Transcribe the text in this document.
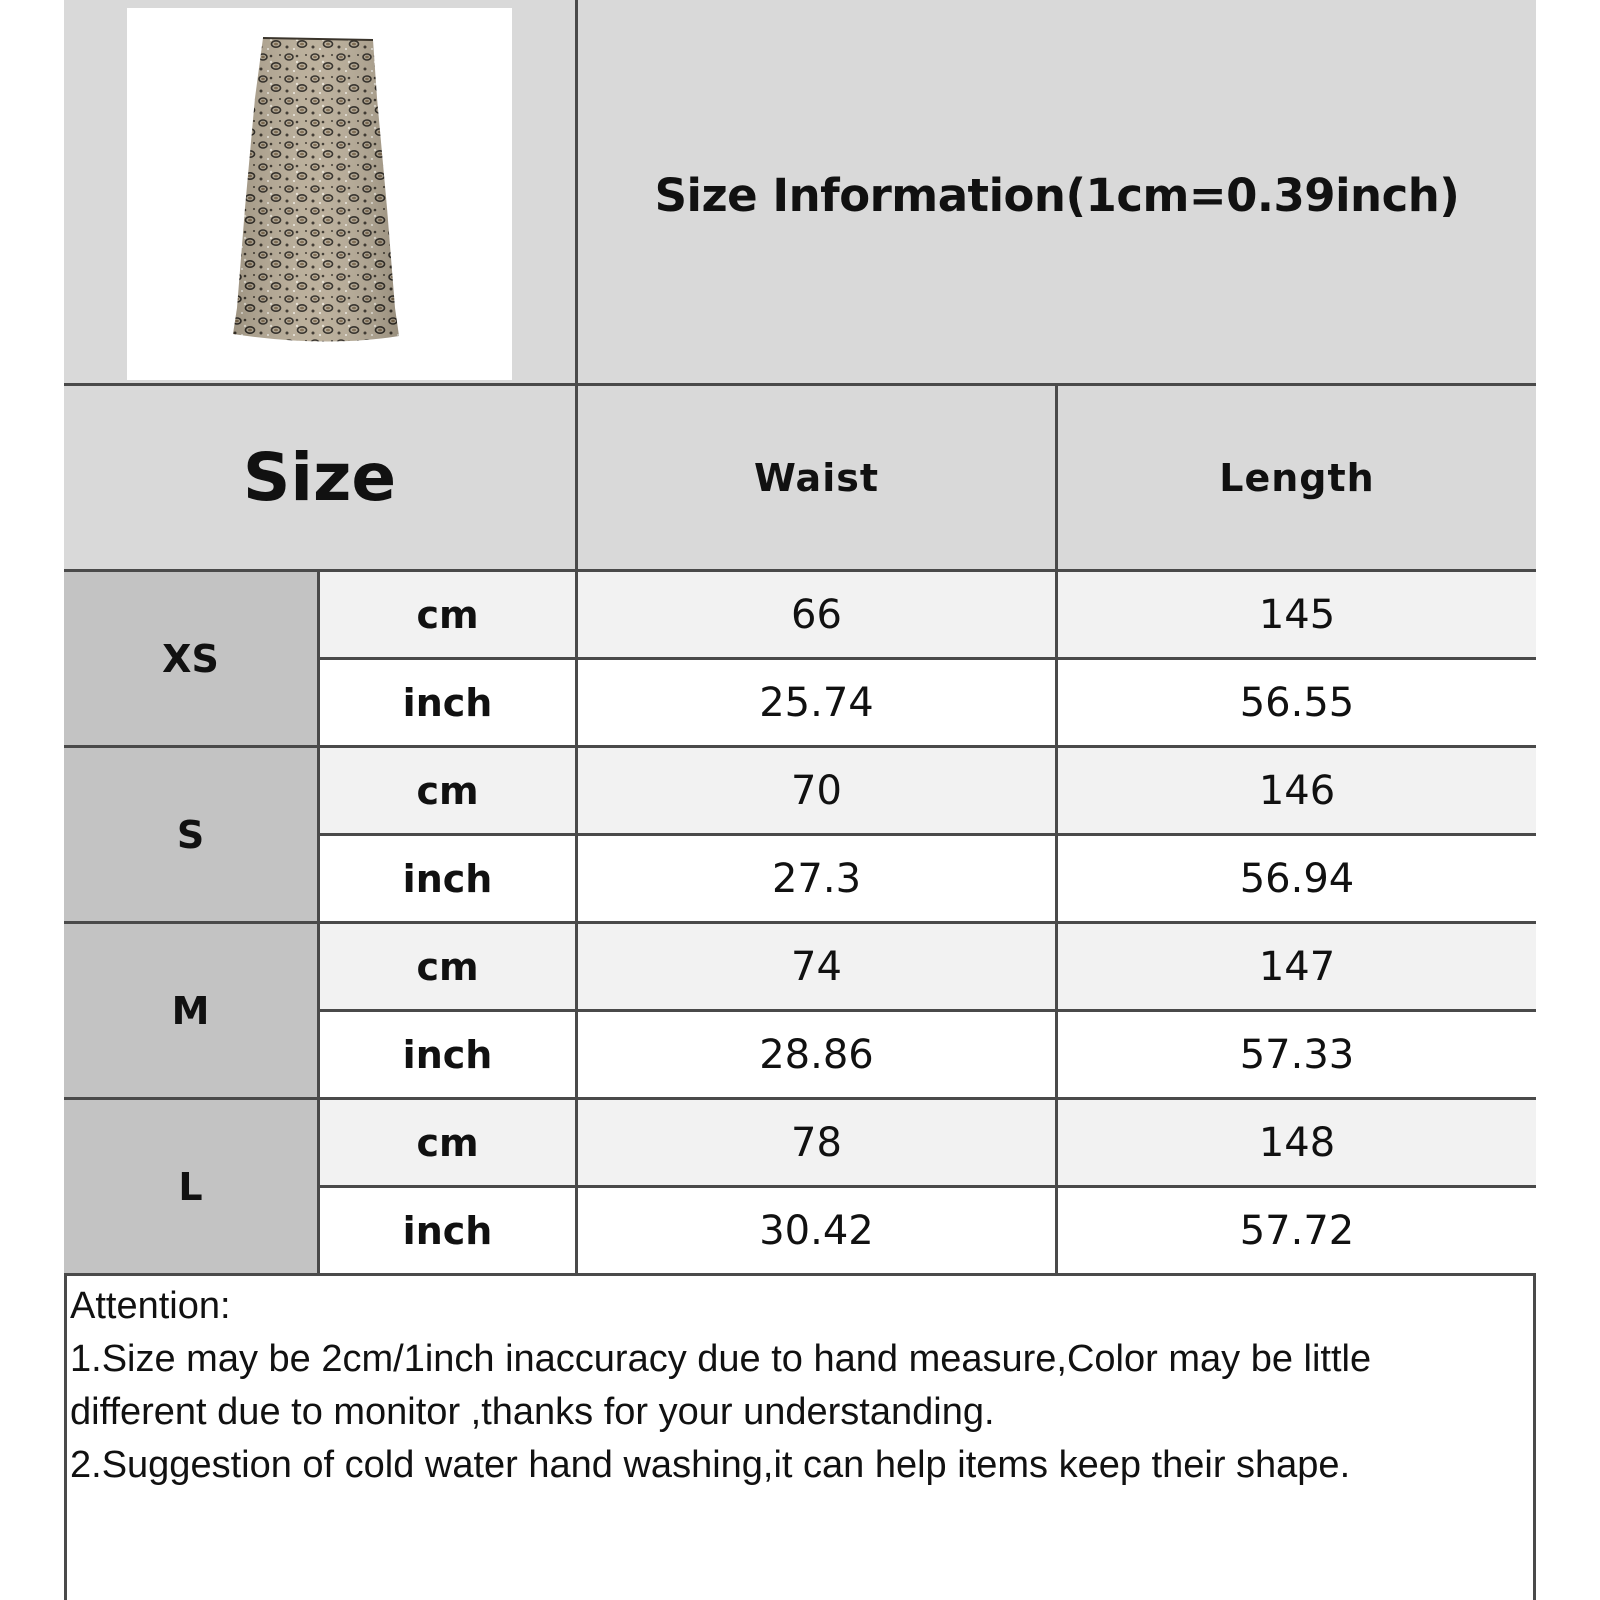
Size Information(1cm=0.39inch)
Size	Waist	Length
XS
cm	66	145
inch	25.74	56.55
S
cm	70	146
inch	27.3	56.94
M
cm	74	147
inch	28.86	57.33
L
cm	78	148
inch	30.42	57.72
Attention:
1.Size may be 2cm/1inch inaccuracy due to hand measure,Color may be little
different due to monitor ,thanks for your understanding.
2.Suggestion of cold water hand washing,it can help items keep their shape.
